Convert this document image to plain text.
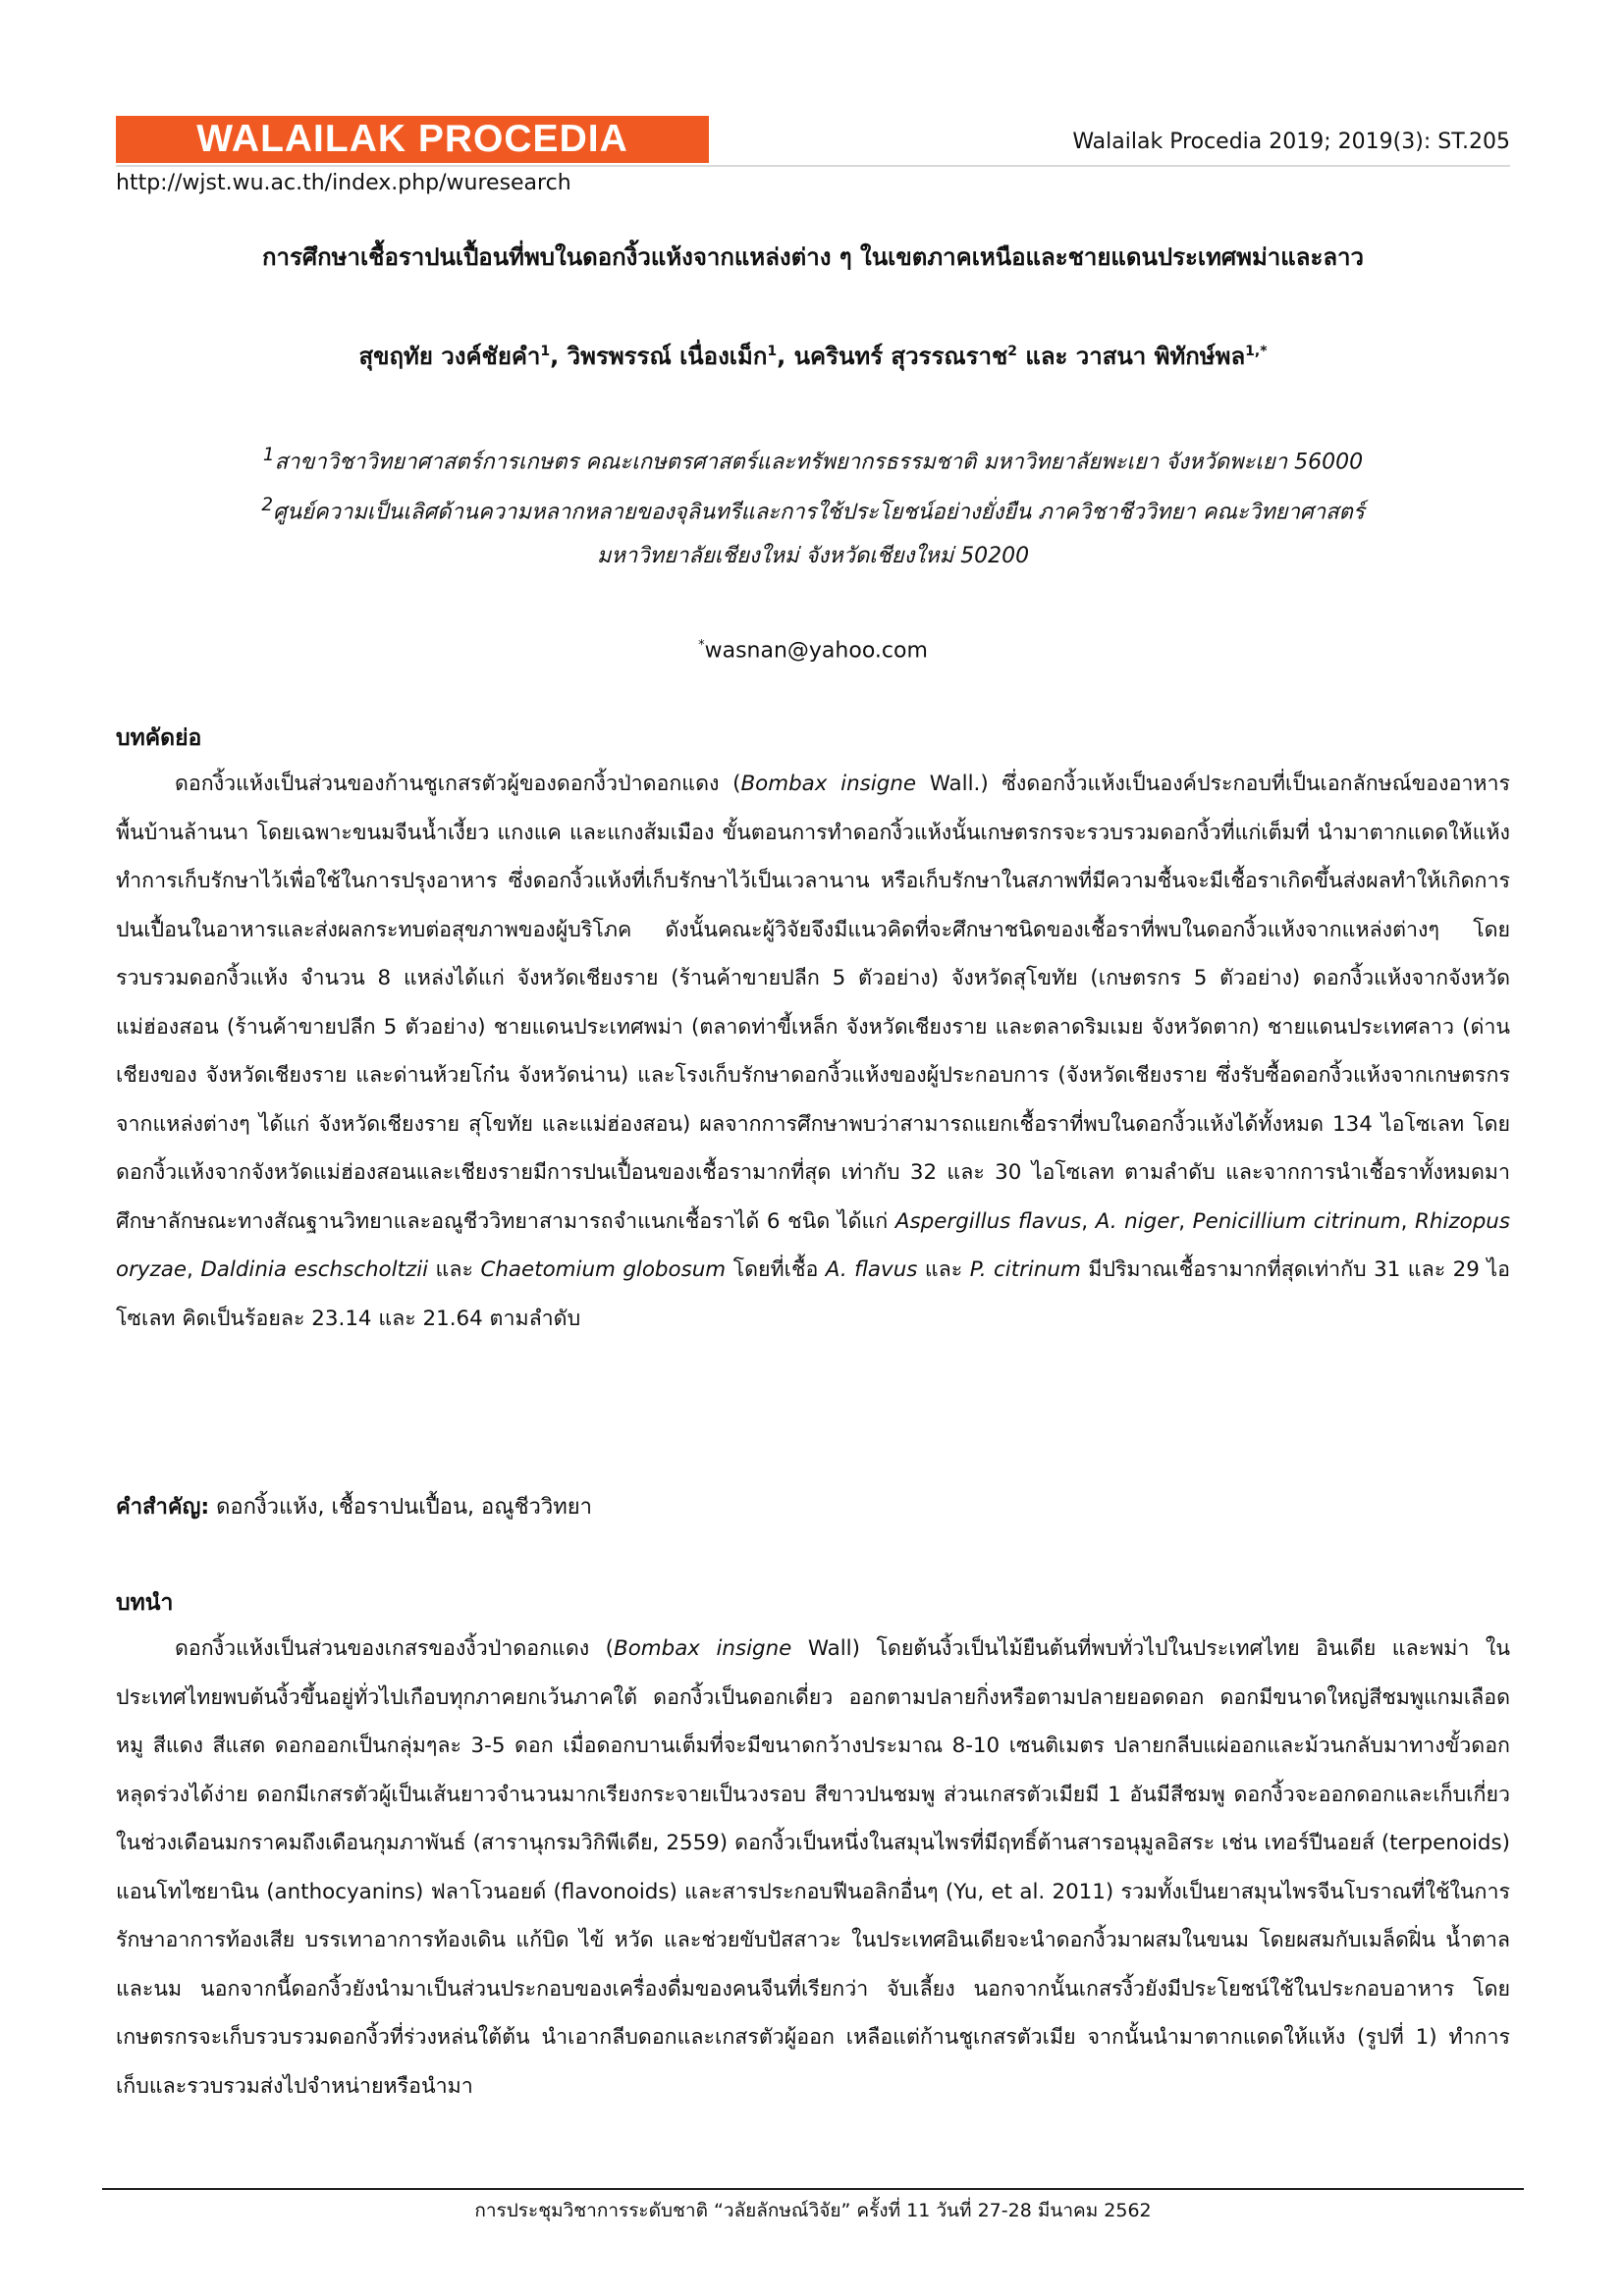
WALAILAK PROCEDIA	Walailak Procedia 2019; 2019(3): ST.205
http://wjst.wu.ac.th/index.php/wuresearch
การศึกษาเชื้อราปนเปื้อนที่พบในดอกงิ้วแห้งจากแหล่งต่าง ๆ ในเขตภาคเหนือและชายแดนประเทศพม่าและลาว
สุขฤทัย วงค์ชัยคำ$^1$, วิพรพรรณ์ เนื่องเม็ก$^1$, นครินทร์ สุวรรณราช$^2$ และ วาสนา พิทักษ์พล$^{1,*}$
$^1$สาขาวิชาวิทยาศาสตร์การเกษตร คณะเกษตรศาสตร์และทรัพยากรธรรมชาติ มหาวิทยาลัยพะเยา จังหวัดพะเยา 56000
$^2$ศูนย์ความเป็นเลิศด้านความหลากหลายของจุลินทรีและการใช้ประโยชน์อย่างยั่งยืน ภาควิชาชีววิทยา คณะวิทยาศาสตร์
มหาวิทยาลัยเชียงใหม่ จังหวัดเชียงใหม่ 50200
*wasnan@yahoo.com
บทคัดย่อ

ดอกงิ้วแห้งเป็นส่วนของก้านชูเกสรตัวผู้ของดอกงิ้วป่าดอกแดง (Bombax insigne Wall.) ซึ่งดอกงิ้วแห้งเป็นองค์ประกอบที่เป็นเอกลักษณ์ของอาหารพื้นบ้านล้านนา โดยเฉพาะขนมจีนน้ำเงี้ยว แกงแค และแกงส้มเมือง ขั้นตอนการทำดอกงิ้วแห้งนั้นเกษตรกรจะรวบรวมดอกงิ้วที่แก่เต็มที่ นำมาตากแดดให้แห้ง ทำการเก็บรักษาไว้เพื่อใช้ในการปรุงอาหาร ซึ่งดอกงิ้วแห้งที่เก็บรักษาไว้เป็นเวลานาน หรือเก็บรักษาในสภาพที่มีความชื้นจะมีเชื้อราเกิดขึ้นส่งผลทำให้เกิดการปนเปื้อนในอาหารและส่งผลกระทบต่อสุขภาพของผู้บริโภค ดังนั้นคณะผู้วิจัยจึงมีแนวคิดที่จะศึกษาชนิดของเชื้อราที่พบในดอกงิ้วแห้งจากแหล่งต่างๆ โดยรวบรวมดอกงิ้วแห้ง จำนวน 8 แหล่งได้แก่ จังหวัดเชียงราย (ร้านค้าขายปลีก 5 ตัวอย่าง) จังหวัดสุโขทัย (เกษตรกร 5 ตัวอย่าง) ดอกงิ้วแห้งจากจังหวัดแม่ฮ่องสอน (ร้านค้าขายปลีก 5 ตัวอย่าง) ชายแดนประเทศพม่า (ตลาดท่าขี้เหล็ก จังหวัดเชียงราย และตลาดริมเมย จังหวัดตาก) ชายแดนประเทศลาว (ด่านเชียงของ จังหวัดเชียงราย และด่านห้วยโก๋น จังหวัดน่าน) และโรงเก็บรักษาดอกงิ้วแห้งของผู้ประกอบการ (จังหวัดเชียงราย ซึ่งรับซื้อดอกงิ้วแห้งจากเกษตรกรจากแหล่งต่างๆ ได้แก่ จังหวัดเชียงราย สุโขทัย และแม่ฮ่องสอน) ผลจากการศึกษาพบว่าสามารถแยกเชื้อราที่พบในดอกงิ้วแห้งได้ทั้งหมด 134 ไอโซเลท โดยดอกงิ้วแห้งจากจังหวัดแม่ฮ่องสอนและเชียงรายมีการปนเปื้อนของเชื้อรามากที่สุด เท่ากับ 32 และ 30 ไอโซเลท ตามลำดับ และจากการนำเชื้อราทั้งหมดมาศึกษาลักษณะทางสัณฐานวิทยาและอณูชีววิทยาสามารถจำแนกเชื้อราได้ 6 ชนิด ได้แก่ Aspergillus flavus, A. niger, Penicillium citrinum, Rhizopus oryzae, Daldinia eschscholtzii และ Chaetomium globosum โดยที่เชื้อ A. flavus และ P. citrinum มีปริมาณเชื้อรามากที่สุดเท่ากับ 31 และ 29 ไอโซเลท คิดเป็นร้อยละ 23.14 และ 21.64 ตามลำดับ

คำสำคัญ: ดอกงิ้วแห้ง, เชื้อราปนเปื้อน, อณูชีววิทยา
บทนำ

ดอกงิ้วแห้งเป็นส่วนของเกสรของงิ้วป่าดอกแดง (Bombax insigne Wall) โดยต้นงิ้วเป็นไม้ยืนต้นที่พบทั่วไปในประเทศไทย อินเดีย และพม่า ในประเทศไทยพบต้นงิ้วขึ้นอยู่ทั่วไปเกือบทุกภาคยกเว้นภาคใต้ ดอกงิ้วเป็นดอกเดี่ยว ออกตามปลายกิ่งหรือตามปลายยอดดอก ดอกมีขนาดใหญ่สีชมพูแกมเลือดหมู สีแดง สีแสด ดอกออกเป็นกลุ่มๆละ 3-5 ดอก เมื่อดอกบานเต็มที่จะมีขนาดกว้างประมาณ 8-10 เซนติเมตร ปลายกลีบแผ่ออกและม้วนกลับมาทางขั้วดอก หลุดร่วงได้ง่าย ดอกมีเกสรตัวผู้เป็นเส้นยาวจำนวนมากเรียงกระจายเป็นวงรอบ สีขาวปนชมพู ส่วนเกสรตัวเมียมี 1 อันมีสีชมพู ดอกงิ้วจะออกดอกและเก็บเกี่ยวในช่วงเดือนมกราคมถึงเดือนกุมภาพันธ์ (สารานุกรมวิกิพีเดีย, 2559) ดอกงิ้วเป็นหนึ่งในสมุนไพรที่มีฤทธิ์ต้านสารอนุมูลอิสระ เช่น เทอร์ปีนอยส์ (terpenoids) แอนโทไซยานิน (anthocyanins) ฟลาโวนอยด์ (flavonoids) และสารประกอบฟีนอลิกอื่นๆ (Yu, et al. 2011) รวมทั้งเป็นยาสมุนไพรจีนโบราณที่ใช้ในการรักษาอาการท้องเสีย บรรเทาอาการท้องเดิน แก้บิด ไข้ หวัด และช่วยขับปัสสาวะ ในประเทศอินเดียจะนำดอกงิ้วมาผสมในขนม โดยผสมกับเมล็ดฝิ่น น้ำตาลและนม นอกจากนี้ดอกงิ้วยังนำมาเป็นส่วนประกอบของเครื่องดื่มของคนจีนที่เรียกว่า จับเลี้ยง นอกจากนั้นเกสรงิ้วยังมีประโยชน์ใช้ในประกอบอาหาร โดยเกษตรกรจะเก็บรวบรวมดอกงิ้วที่ร่วงหล่นใต้ต้น นำเอากลีบดอกและเกสรตัวผู้ออก เหลือแต่ก้านชูเกสรตัวเมีย จากนั้นนำมาตากแดดให้แห้ง (รูปที่ 1) ทำการเก็บและรวบรวมส่งไปจำหน่ายหรือนำมา

การประชุมวิชาการระดับชาติ “วลัยลักษณ์วิจัย” ครั้งที่ 11 วันที่ 27-28 มีนาคม 2562
